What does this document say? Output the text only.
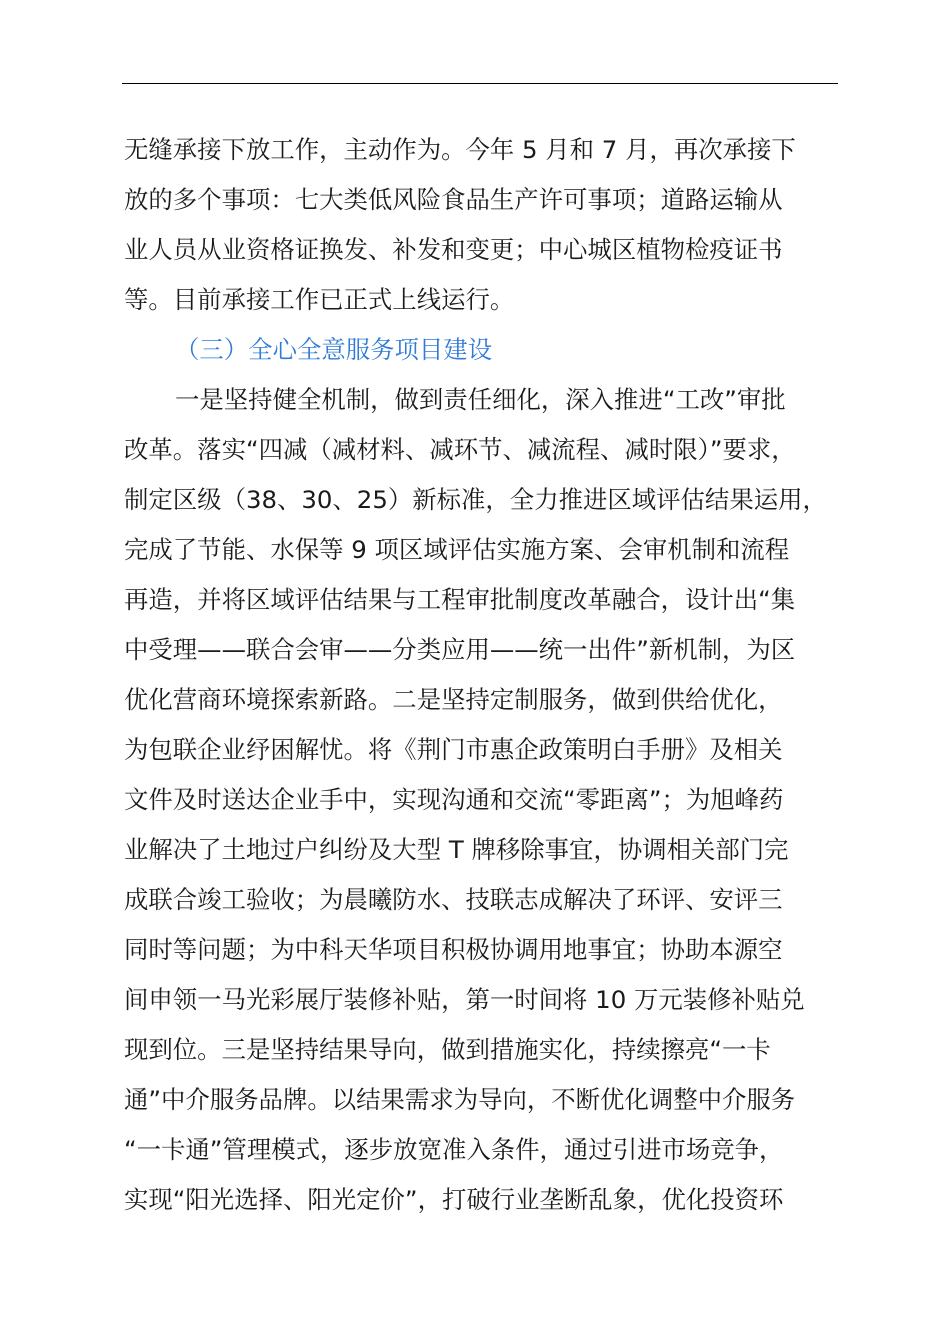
无缝承接下放工作，主动作为。今年 5 月和 7 月，再次承接下
放的多个事项：七大类低风险食品生产许可事项；道路运输从
业人员从业资格证换发、补发和变更；中心城区植物检疫证书
等。目前承接工作已正式上线运行。
（三）全心全意服务项目建设
一是坚持健全机制，做到责任细化，深入推进“工改”审批
改革。落实“四减（减材料、减环节、减流程、减时限）”要求，
制定区级（38、30、25）新标准，全力推进区域评估结果运用，
完成了节能、水保等 9 项区域评估实施方案、会审机制和流程
再造，并将区域评估结果与工程审批制度改革融合，设计出“集
中受理——联合会审——分类应用——统一出件”新机制，为区
优化营商环境探索新路。二是坚持定制服务，做到供给优化，
为包联企业纾困解忧。将《荆门市惠企政策明白手册》及相关
文件及时送达企业手中，实现沟通和交流“零距离”；为旭峰药
业解决了土地过户纠纷及大型 T 牌移除事宜，协调相关部门完
成联合竣工验收；为晨曦防水、技联志成解决了环评、安评三
同时等问题；为中科天华项目积极协调用地事宜；协助本源空
间申领一马光彩展厅装修补贴，第一时间将 10 万元装修补贴兑
现到位。三是坚持结果导向，做到措施实化，持续擦亮“一卡
通”中介服务品牌。以结果需求为导向，不断优化调整中介服务
“一卡通”管理模式，逐步放宽准入条件，通过引进市场竞争，
实现“阳光选择、阳光定价”，打破行业垄断乱象，优化投资环
